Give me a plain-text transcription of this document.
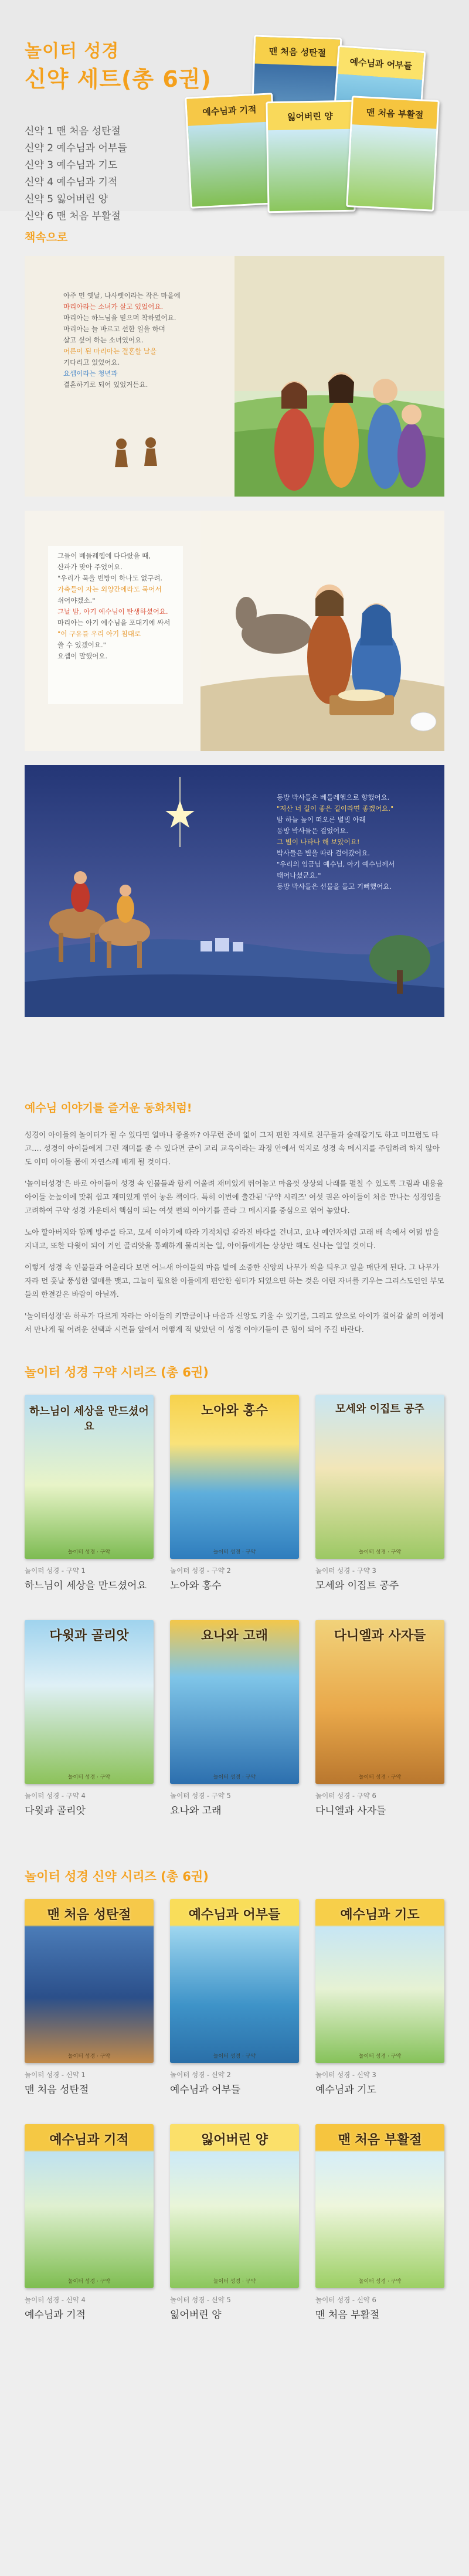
놀이터 성경
신약 세트(총 6권)
신약 1 맨 처음 성탄절
신약 2 예수님과 어부들
신약 3 예수님과 기도
신약 4 예수님과 기적
신약 5 잃어버린 양
신약 6 맨 처음 부활절
맨 처음 성탄절
예수님과 어부들
예수님과 기적	잃어버린 양	맨 처음 부활절
책속으로
아주 먼 옛날, 나사렛이라는 작은 마을에
마리아라는 소녀가 살고 있었어요.
마리아는 하느님을 믿으며 착하였어요.
마리아는 늘 바르고 선한 일을 하며
살고 싶어 하는 소녀였어요.
어른이 된 마리아는 결혼할 날을
기다리고 있었어요.
요셉이라는 청년과
결혼하기로 되어 있었거든요.
그들이 베들레헴에 다다랐을 때,
산파가 맞아 주었어요.
"우리가 묵을 빈방이 하나도 없구려.
가축들이 자는 외양간에라도 묵어서
쉬어야겠소."
그날 밤, 아기 예수님이 탄생하셨어요.
마리아는 아기 예수님을 포대기에 싸서
"이 구유를 우리 아기 침대로
쓸 수 있겠어요."
요셉이 말했어요.
동방 박사들은 베들레헴으로 향했어요.
"저산 너 길이 좋은 길이라면 좋겠어요."
밤 하늘 높이 떠오른 별빛 아래
동방 박사들은 걸었어요.
그 별이 나타나 해 보았어요!
박사들은 별을 따라 걸어갔어요.
"우리의 임금님 예수님, 아기 예수님께서
태어나셨군요."
동방 박사들은 선물을 들고 기뻐했어요.
예수님 이야기를 즐거운 동화처럼!

성경이 아이들의 놀이터가 될 수 있다면 얼마나 좋을까? 아무런 준비 없이 그저 편한 자세로 친구들과 술래잡기도 하고 미끄럼도 타고…. 성경이 아이들에게 그런 재미를 줄 수 있다면 굳이 교리 교육이라는 과정 안에서 억지로 성경 속 메시지를 주입하려 하지 않아도 이미 아이들 몸에 자연스레 배게 될 것이다.

'놀이터성경'은 바로 아이들이 성경 속 인물들과 함께 어울려 재미있게 뛰어놀고 마음껏 상상의 나래를 펼칠 수 있도록 그림과 내용을 아이들 눈높이에 맞춰 쉽고 재미있게 엮어 놓은 책이다. 특히 이번에 출간된 '구약 시리즈' 여섯 권은 아이들이 처음 만나는 성경임을 고려하여 구약 성경 가운데서 핵심이 되는 여섯 편의 이야기를 골라 그 메시지를 중심으로 엮어 놓았다.

노아 할아버지와 함께 방주를 타고, 모세 이야기에 따라 기적처럼 갈라진 바다를 건너고, 요나 예언자처럼 고래 배 속에서 여덟 밤을 지내고, 또한 다윗이 되어 거인 골리앗을 통쾌하게 물리치는 일, 아이들에게는 상상만 해도 신나는 일일 것이다.

이렇게 성경 속 인물들과 어울리다 보면 어느새 아이들의 마음 밭에 소중한 신앙의 나무가 싹을 틔우고 잎을 매단게 된다. 그 나무가 자라 먼 훗날 풍성한 열매를 맺고, 그늘이 필요한 이들에게 편안한 쉼터가 되었으면 하는 것은 어린 자녀를 키우는 그리스도인인 부모들의 한결같은 바람이 아닐까.

'놀이터성경'은 하루가 다르게 자라는 아이들의 키만큼이나 마음과 신앙도 키울 수 있기를, 그리고 앞으로 아이가 걸어갈 삶의 여정에서 만나게 될 어려운 선택과 시련들 앞에서 어떻게 적 맞았던 이 성경 이야기들이 큰 힘이 되어 주길 바란다.

놀이터 성경 구약 시리즈 (총 6권)
하느님이 세상을 만드셨어요
놀이터 성경 · 구약
놀이터 성경 - 구약 1
하느님이 세상을 만드셨어요
노아와 홍수
놀이터 성경 · 구약
놀이터 성경 - 구약 2
노아와 홍수
모세와 이집트 공주
놀이터 성경 · 구약
놀이터 성경 - 구약 3
모세와 이집트 공주
다윗과 골리앗
놀이터 성경 · 구약
놀이터 성경 - 구약 4
다윗과 골리앗
요나와 고래
놀이터 성경 · 구약
놀이터 성경 - 구약 5
요나와 고래
다니엘과 사자들
놀이터 성경 · 구약
놀이터 성경 - 구약 6
다니엘과 사자들
놀이터 성경 신약 시리즈 (총 6권)
맨 처음 성탄절
놀이터 성경 · 구약
놀이터 성경 - 신약 1
맨 처음 성탄절
예수님과 어부들
놀이터 성경 · 구약
놀이터 성경 - 신약 2
예수님과 어부들
예수님과 기도
놀이터 성경 · 구약
놀이터 성경 - 신약 3
예수님과 기도
예수님과 기적
놀이터 성경 · 구약
놀이터 성경 - 신약 4
예수님과 기적
잃어버린 양
놀이터 성경 · 구약
놀이터 성경 - 신약 5
잃어버린 양
맨 처음 부활절
놀이터 성경 · 구약
놀이터 성경 - 신약 6
맨 처음 부활절
